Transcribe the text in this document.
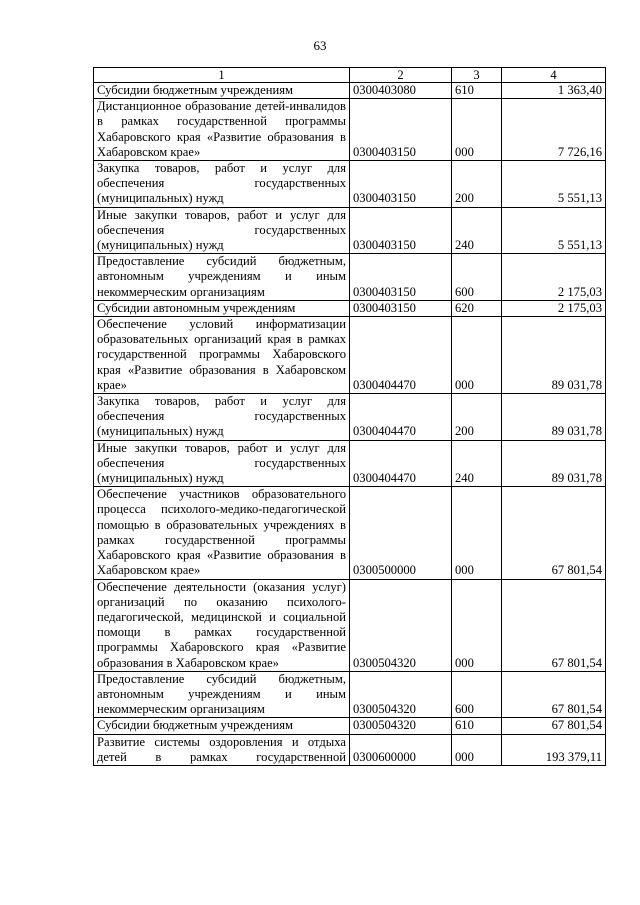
63
1	2	3	4
Субсидии бюджетным учреждениям	0300403080	610	1 363,40
Дистанционное образование детей-инвалидов в рамках государственной программы Хабаровского края «Развитие образования в Хабаровском крае»	0300403150	000	7 726,16
Закупка товаров, работ и услуг для обеспечения государственных (муниципальных) нужд	0300403150	200	5 551,13
Иные закупки товаров, работ и услуг для обеспечения государственных (муниципальных) нужд	0300403150	240	5 551,13
Предоставление субсидий бюджетным, автономным учреждениям и иным некоммерческим организациям	0300403150	600	2 175,03
Субсидии автономным учреждениям	0300403150	620	2 175,03
Обеспечение условий информатизации образовательных организаций края в рамках государственной программы Хабаровского края «Развитие образования в Хабаровском крае»	0300404470	000	89 031,78
Закупка товаров, работ и услуг для обеспечения государственных (муниципальных) нужд	0300404470	200	89 031,78
Иные закупки товаров, работ и услуг для обеспечения государственных (муниципальных) нужд	0300404470	240	89 031,78
Обеспечение участников образовательного процесса психолого-медико-педагогической помощью в образовательных учреждениях в рамках государственной программы Хабаровского края «Развитие образования в Хабаровском крае»	0300500000	000	67 801,54
Обеспечение деятельности (оказания услуг) организаций по оказанию психолого-педагогической, медицинской и социальной помощи в рамках государственной программы Хабаровского края «Развитие образования в Хабаровском крае»	0300504320	000	67 801,54
Предоставление субсидий бюджетным, автономным учреждениям и иным некоммерческим организациям	0300504320	600	67 801,54
Субсидии бюджетным учреждениям	0300504320	610	67 801,54
Развитие системы оздоровления и отдыха детей в рамках государственной	0300600000	000	193 379,11
